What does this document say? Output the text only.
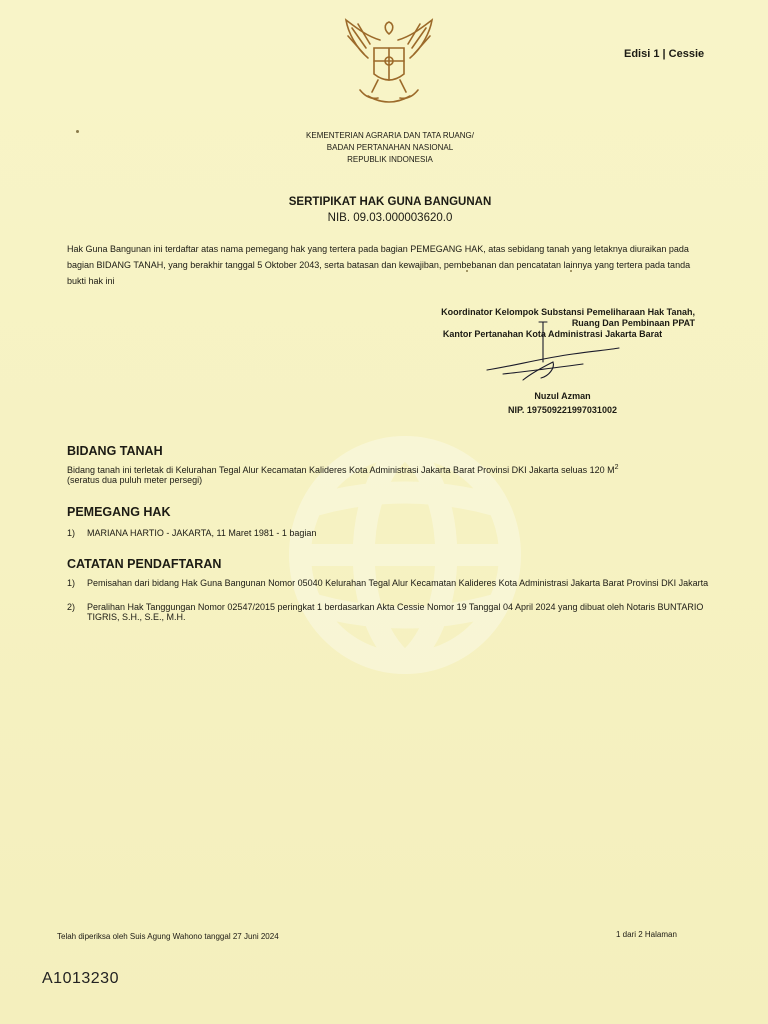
Edisi 1 | Cessie
KEMENTERIAN AGRARIA DAN TATA RUANG/
BADAN PERTANAHAN NASIONAL
REPUBLIK INDONESIA
SERTIPIKAT HAK GUNA BANGUNAN
NIB. 09.03.000003620.0
Hak Guna Bangunan ini terdaftar atas nama pemegang hak yang tertera pada bagian PEMEGANG HAK, atas sebidang tanah yang letaknya diuraikan pada bagian BIDANG TANAH, yang berakhir tanggal 5 Oktober 2043, serta batasan dan kewajiban, pembebanan dan pencatatan lainnya yang tertera pada tanda bukti hak ini
Koordinator Kelompok Substansi Pemeliharaan Hak Tanah,
Ruang Dan Pembinaan PPAT
Kantor Pertanahan Kota Administrasi Jakarta Barat
Nuzul Azman
NIP. 197509221997031002
BIDANG TANAH
Bidang tanah ini terletak di Kelurahan Tegal Alur Kecamatan Kalideres Kota Administrasi Jakarta Barat Provinsi DKI Jakarta seluas 120 $M^2$
(seratus dua puluh meter persegi)
PEMEGANG HAK
1)	MARIANA HARTIO - JAKARTA, 11 Maret 1981 - 1 bagian
CATATAN PENDAFTARAN
1)	Pemisahan dari bidang Hak Guna Bangunan Nomor 05040 Kelurahan Tegal Alur Kecamatan Kalideres Kota Administrasi Jakarta Barat Provinsi DKI Jakarta
2)	Peralihan Hak Tanggungan Nomor 02547/2015 peringkat 1 berdasarkan Akta Cessie Nomor 19 Tanggal 04 April 2024 yang dibuat oleh Notaris BUNTARIO TIGRIS, S.H., S.E., M.H.
Telah diperiksa oleh Suis Agung Wahono tanggal 27 Juni 2024	1 dari 2 Halaman
A1013230
